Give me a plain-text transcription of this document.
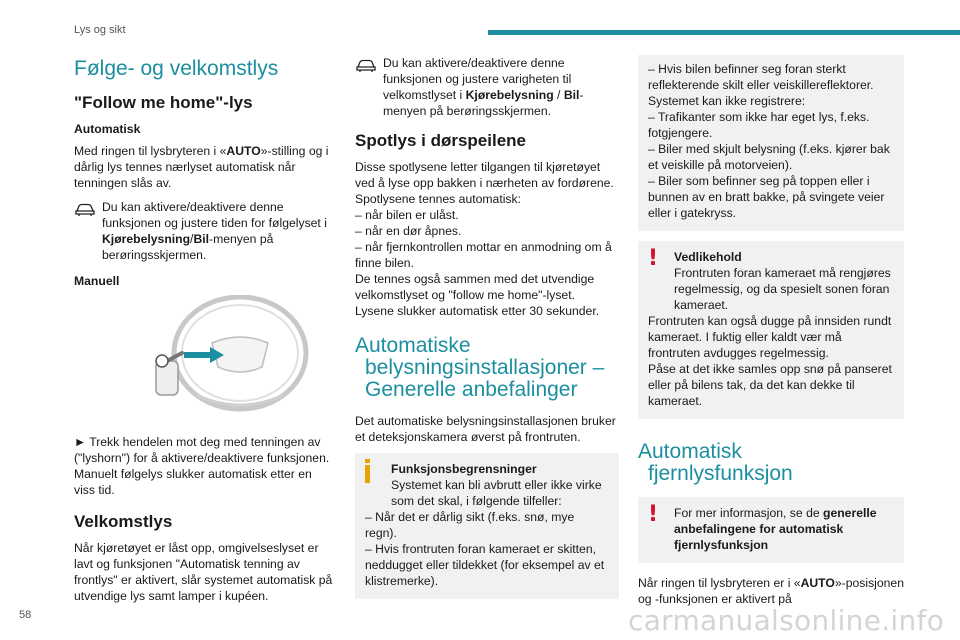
Lys og sikt
Følge- og velkomstlys
"Follow me home"-lys
Automatisk

Med ringen til lysbryteren i «AUTO»-stilling og i dårlig lys tennes nærlyset automatisk når tenningen slås av.

Du kan aktivere/deaktivere denne funksjonen og justere tiden for følgelyset i Kjørebelysning/Bil-menyen på berøringsskjermen.
Manuell

► Trekk hendelen mot deg med tenningen av ("lyshorn") for å aktivere/deaktivere funksjonen. Manuelt følgelys slukker automatisk etter en viss tid.

Velkomstlys

Når kjøretøyet er låst opp, omgivelseslyset er lavt og funksjonen "Automatisk tenning av frontlys" er aktivert, slår systemet automatisk på utvendige lys samt lamper i kupéen.

Du kan aktivere/deaktivere denne funksjonen og justere varigheten til velkomstlyset i Kjørebelysning / Bil-menyen på berøringsskjermen.
Spotlys i dørspeilene
Disse spotlysene letter tilgangen til kjøretøyet ved å lyse opp bakken i nærheten av fordørene.
Spotlysene tennes automatisk:
– når bilen er ulåst.
– når en dør åpnes.
– når fjernkontrollen mottar en anmodning om å finne bilen.
De tennes også sammen med det utvendige velkomstlyset og "follow me home"-lyset.
Lysene slukker automatisk etter 30 sekunder.
Automatiske
belysningsinstallasjoner –
Generelle anbefalinger

Det automatiske belysningsinstallasjonen bruker et deteksjonskamera øverst på frontruten.

Funksjonsbegrensninger
Systemet kan bli avbrutt eller ikke virke som det skal, i følgende tilfeller:
– Når det er dårlig sikt (f.eks. snø, mye regn).
– Hvis frontruten foran kameraet er skitten, neddugget eller tildekket (for eksempel av et klistremerke).
– Hvis bilen befinner seg foran sterkt reflekterende skilt eller veiskillereflektorer.
Systemet kan ikke registrere:
– Trafikanter som ikke har eget lys, f.eks. fotgjengere.
– Biler med skjult belysning (f.eks. kjører bak et veiskille på motorveien).
– Biler som befinner seg på toppen eller i bunnen av en bratt bakke, på svingete veier eller i gatekryss.
!	Vedlikehold
Frontruten foran kameraet må rengjøres regelmessig, og da spesielt sonen foran kameraet.
Frontruten kan også dugge på innsiden rundt kameraet. I fuktig eller kaldt vær må frontruten avdugges regelmessig.
Påse at det ikke samles opp snø på panseret eller på bilens tak, da det kan dekke til kameraet.
Automatisk
fjernlysfunksjon
!	For mer informasjon, se de generelle anbefalingene for automatisk fjernlysfunksjon

Når ringen til lysbryteren er i «AUTO»-posisjonen og -funksjonen er aktivert på

58	carmanualsonline.info
